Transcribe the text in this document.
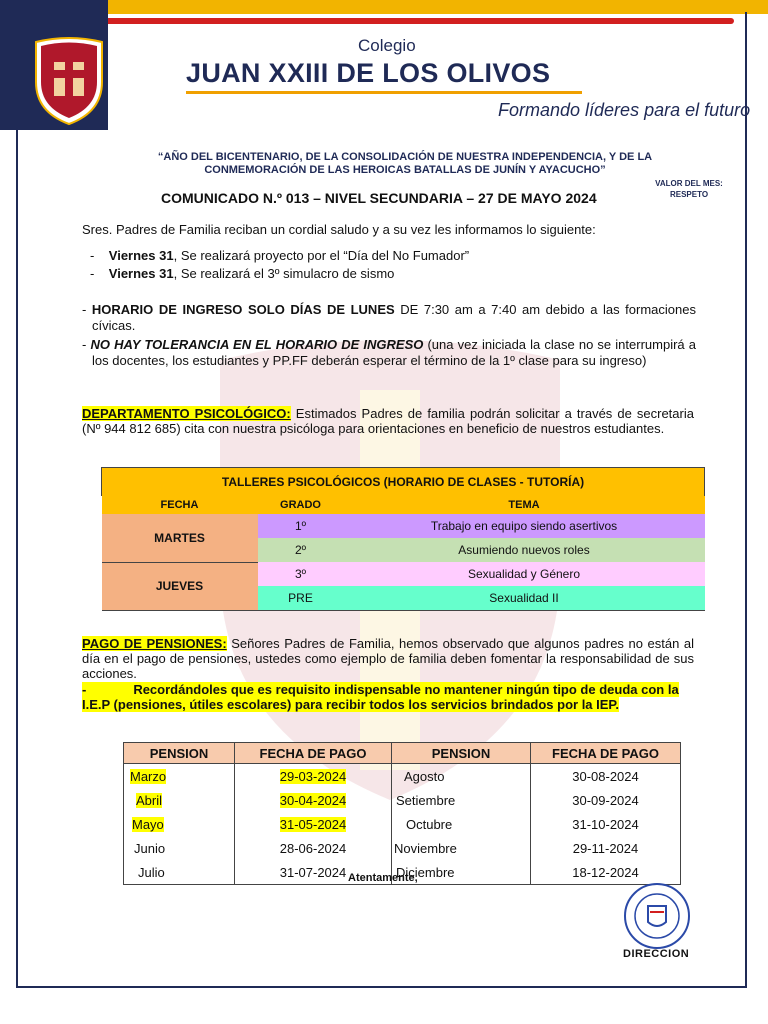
Colegio
JUAN XXIII DE LOS OLIVOS
Formando líderes para el futuro
“AÑO DEL BICENTENARIO, DE LA CONSOLIDACIÓN DE NUESTRA INDEPENDENCIA, Y DE LA CONMEMORACIÓN DE LAS HEROICAS BATALLAS DE JUNÍN Y AYACUCHO”
VALOR DEL MES:
RESPETO
COMUNICADO N.º 013 – NIVEL SECUNDARIA – 27 DE MAYO 2024
Sres. Padres de Familia reciban un cordial saludo y a su vez les informamos lo siguiente:
-    Viernes 31, Se realizará proyecto por el “Día del No Fumador”
-    Viernes 31, Se realizará el 3º simulacro de sismo
- HORARIO DE INGRESO SOLO DÍAS DE LUNES DE 7:30 am a 7:40 am debido a las formaciones cívicas.
- NO HAY TOLERANCIA EN EL HORARIO DE INGRESO (una vez iniciada la clase no se interrumpirá a los docentes, los estudiantes y PP.FF deberán esperar el término de la 1º clase para su ingreso)
DEPARTAMENTO PSICOLÓGICO: Estimados Padres de familia podrán solicitar a través de secretaria (Nº 944 812 685) cita con nuestra psicóloga para orientaciones en beneficio de nuestros estudiantes.
TALLERES PSICOLÓGICOS (HORARIO DE CLASES - TUTORÍA)		
FECHA	GRADO	TEMA
MARTES	1º	Trabajo en equipo siendo asertivos
	2º	Asumiendo nuevos roles
JUEVES	3º	Sexualidad y Género
	PRE	Sexualidad II
PAGO DE PENSIONES: Señores Padres de Familia, hemos observado que algunos padres no están al día en el pago de pensiones, ustedes como ejemplo de familia deben fomentar la responsabilidad de sus acciones.
-	Recordándoles que es requisito indispensable no mantener ningún tipo de deuda con la I.E.P (pensiones, útiles escolares) para recibir todos los servicios brindados por la IEP.
PENSION	FECHA DE PAGO	PENSION	FECHA DE PAGO
Marzo	29-03-2024	Agosto	30-08-2024
Abril	30-04-2024	Setiembre	30-09-2024
Mayo	31-05-2024	Octubre	31-10-2024
Junio	28-06-2024	Noviembre	29-11-2024
Julio	31-07-2024	Diciembre	18-12-2024
Atentamente,
DIRECCION
